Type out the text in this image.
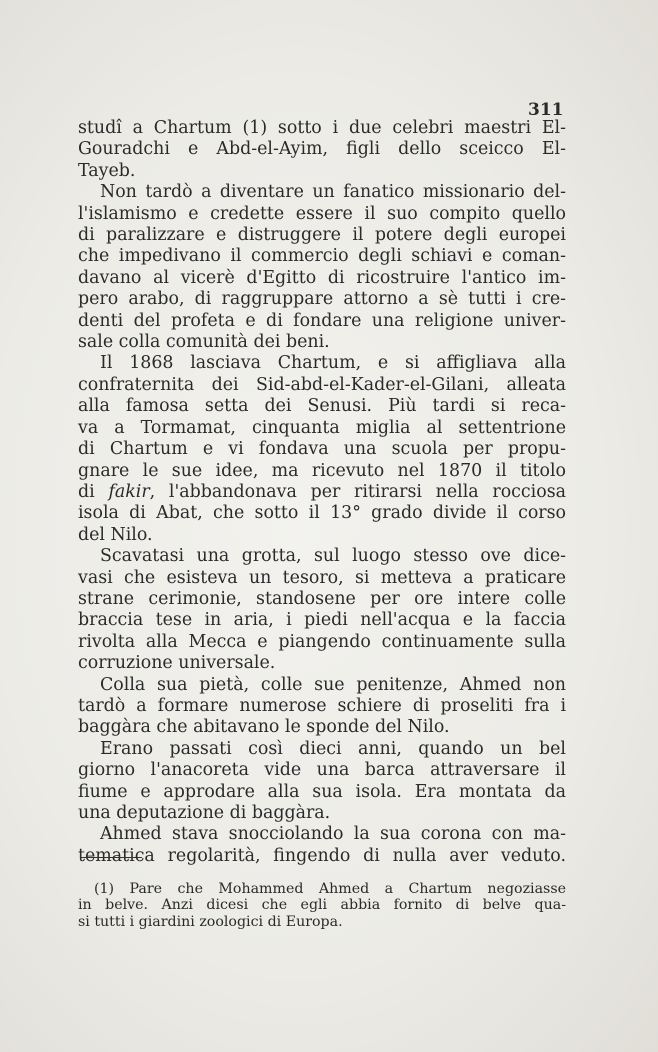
311
studî a Chartum (1) sotto i due celebri maestri El-
Gouradchi e Abd-el-Ayim, figli dello sceicco El-
Tayeb.
Non tardò a diventare un fanatico missionario del-
l'islamismo e credette essere il suo compito quello
di paralizzare e distruggere il potere degli europei
che impedivano il commercio degli schiavi e coman-
davano al vicerè d'Egitto di ricostruire l'antico im-
pero arabo, di raggruppare attorno a sè tutti i cre-
denti del profeta e di fondare una religione univer-
sale colla comunità dei beni.
Il 1868 lasciava Chartum, e si affigliava alla
confraternita dei Sid-abd-el-Kader-el-Gilani, alleata
alla famosa setta dei Senusi. Più tardi si reca-
va a Tormamat, cinquanta miglia al settentrione
di Chartum e vi fondava una scuola per propu-
gnare le sue idee, ma ricevuto nel 1870 il titolo
di fakir, l'abbandonava per ritirarsi nella rocciosa
isola di Abat, che sotto il 13° grado divide il corso
del Nilo.
Scavatasi una grotta, sul luogo stesso ove dice-
vasi che esisteva un tesoro, si metteva a praticare
strane cerimonie, standosene per ore intere colle
braccia tese in aria, i piedi nell'acqua e la faccia
rivolta alla Mecca e piangendo continuamente sulla
corruzione universale.
Colla sua pietà, colle sue penitenze, Ahmed non
tardò a formare numerose schiere di proseliti fra i
baggàra che abitavano le sponde del Nilo.
Erano passati così dieci anni, quando un bel
giorno l'anacoreta vide una barca attraversare il
fiume e approdare alla sua isola. Era montata da
una deputazione di baggàra.
Ahmed stava snocciolando la sua corona con ma-
tematica regolarità, fingendo di nulla aver veduto.
(1) Pare che Mohammed Ahmed a Chartum negoziasse
in belve. Anzi dicesi che egli abbia fornito di belve qua-
si tutti i giardini zoologici di Europa.
